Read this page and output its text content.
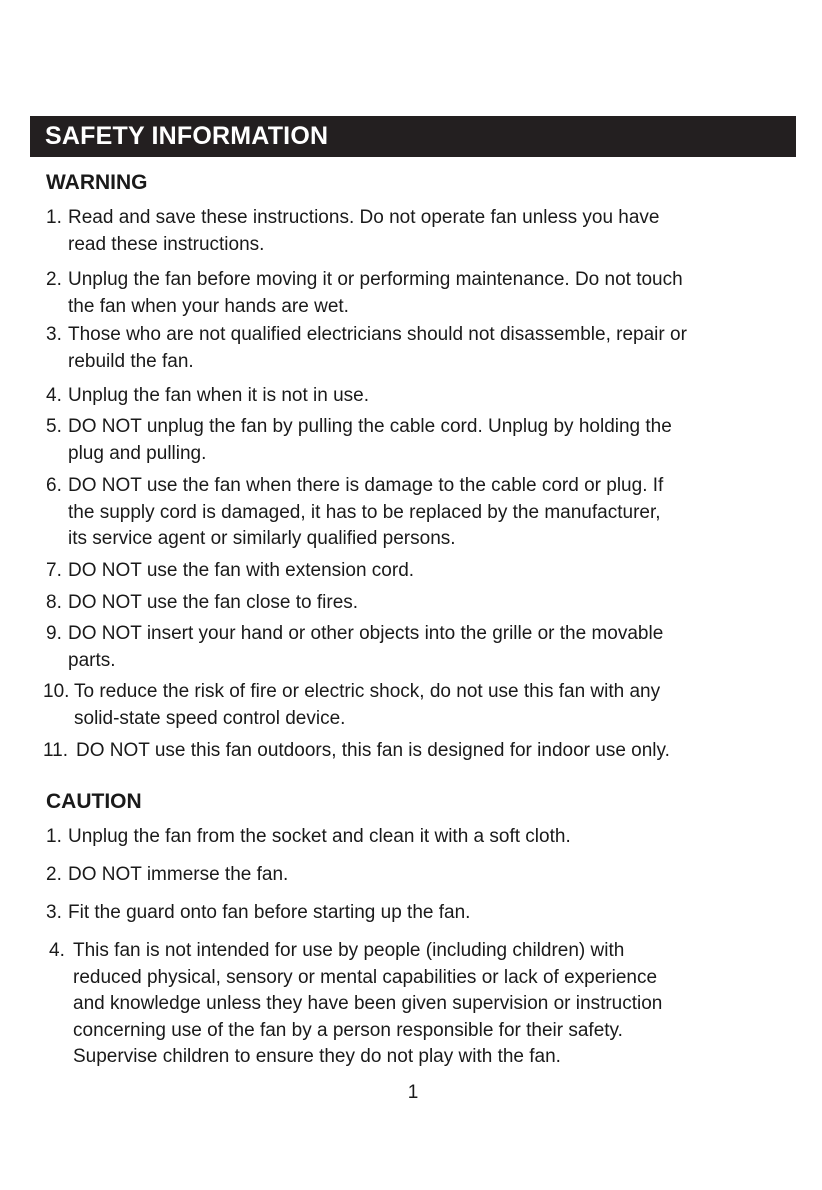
SAFETY INFORMATION
WARNING
1. Read and save these instructions. Do not operate fan unless you have
read these instructions.
2. Unplug the fan before moving it or performing maintenance. Do not touch
the fan when your hands are wet.
3. Those who are not qualified electricians should not disassemble, repair or
rebuild the fan.
4. Unplug the fan when it is not in use.
5. DO NOT unplug the fan by pulling the cable cord. Unplug by holding the
plug and pulling.
6. DO NOT use the fan when there is damage to the cable cord or plug. If
the supply cord is damaged, it has to be replaced by the manufacturer,
its service agent or similarly qualified persons.
7. DO NOT use the fan with extension cord.
8. DO NOT use the fan close to fires.
9. DO NOT insert your hand or other objects into the grille or the movable
parts.
10. To reduce the risk of fire or electric shock, do not use this fan with any
solid-state speed control device.
11. DO NOT use this fan outdoors, this fan is designed for indoor use only.
CAUTION
1. Unplug the fan from the socket and clean it with a soft cloth.
2. DO NOT immerse the fan.
3. Fit the guard onto fan before starting up the fan.
4. This fan is not intended for use by people (including children) with
reduced physical, sensory or mental capabilities or lack of experience
and knowledge unless they have been given supervision or instruction
concerning use of the fan by a person responsible for their safety.
Supervise children to ensure they do not play with the fan.
1
